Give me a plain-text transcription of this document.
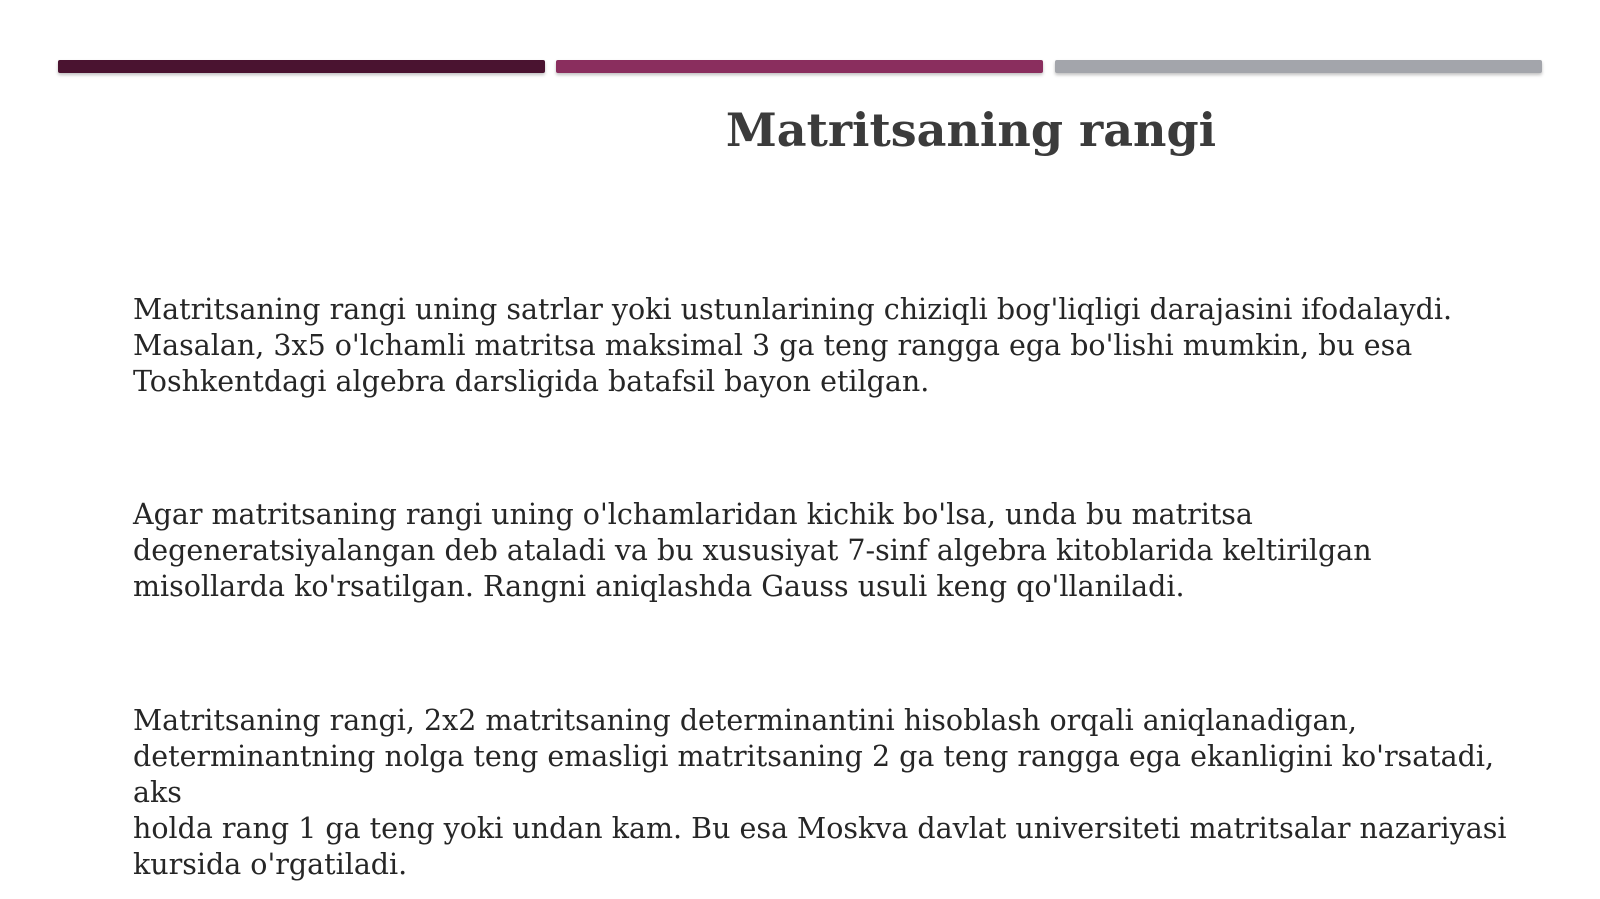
Matritsaning rangi

Matritsaning rangi uning satrlar yoki ustunlarining chiziqli bog'liqligi darajasini ifodalaydi.
Masalan, 3x5 o'lchamli matritsa maksimal 3 ga teng rangga ega bo'lishi mumkin, bu esa
Toshkentdagi algebra darsligida batafsil bayon etilgan.

Agar matritsaning rangi uning o'lchamlaridan kichik bo'lsa, unda bu matritsa
degeneratsiyalangan deb ataladi va bu xususiyat 7-sinf algebra kitoblarida keltirilgan
misollarda ko'rsatilgan. Rangni aniqlashda Gauss usuli keng qo'llaniladi.

Matritsaning rangi, 2x2 matritsaning determinantini hisoblash orqali aniqlanadigan,
determinantning nolga teng emasligi matritsaning 2 ga teng rangga ega ekanligini ko'rsatadi, aks
holda rang 1 ga teng yoki undan kam. Bu esa Moskva davlat universiteti matritsalar nazariyasi
kursida o'rgatiladi.
